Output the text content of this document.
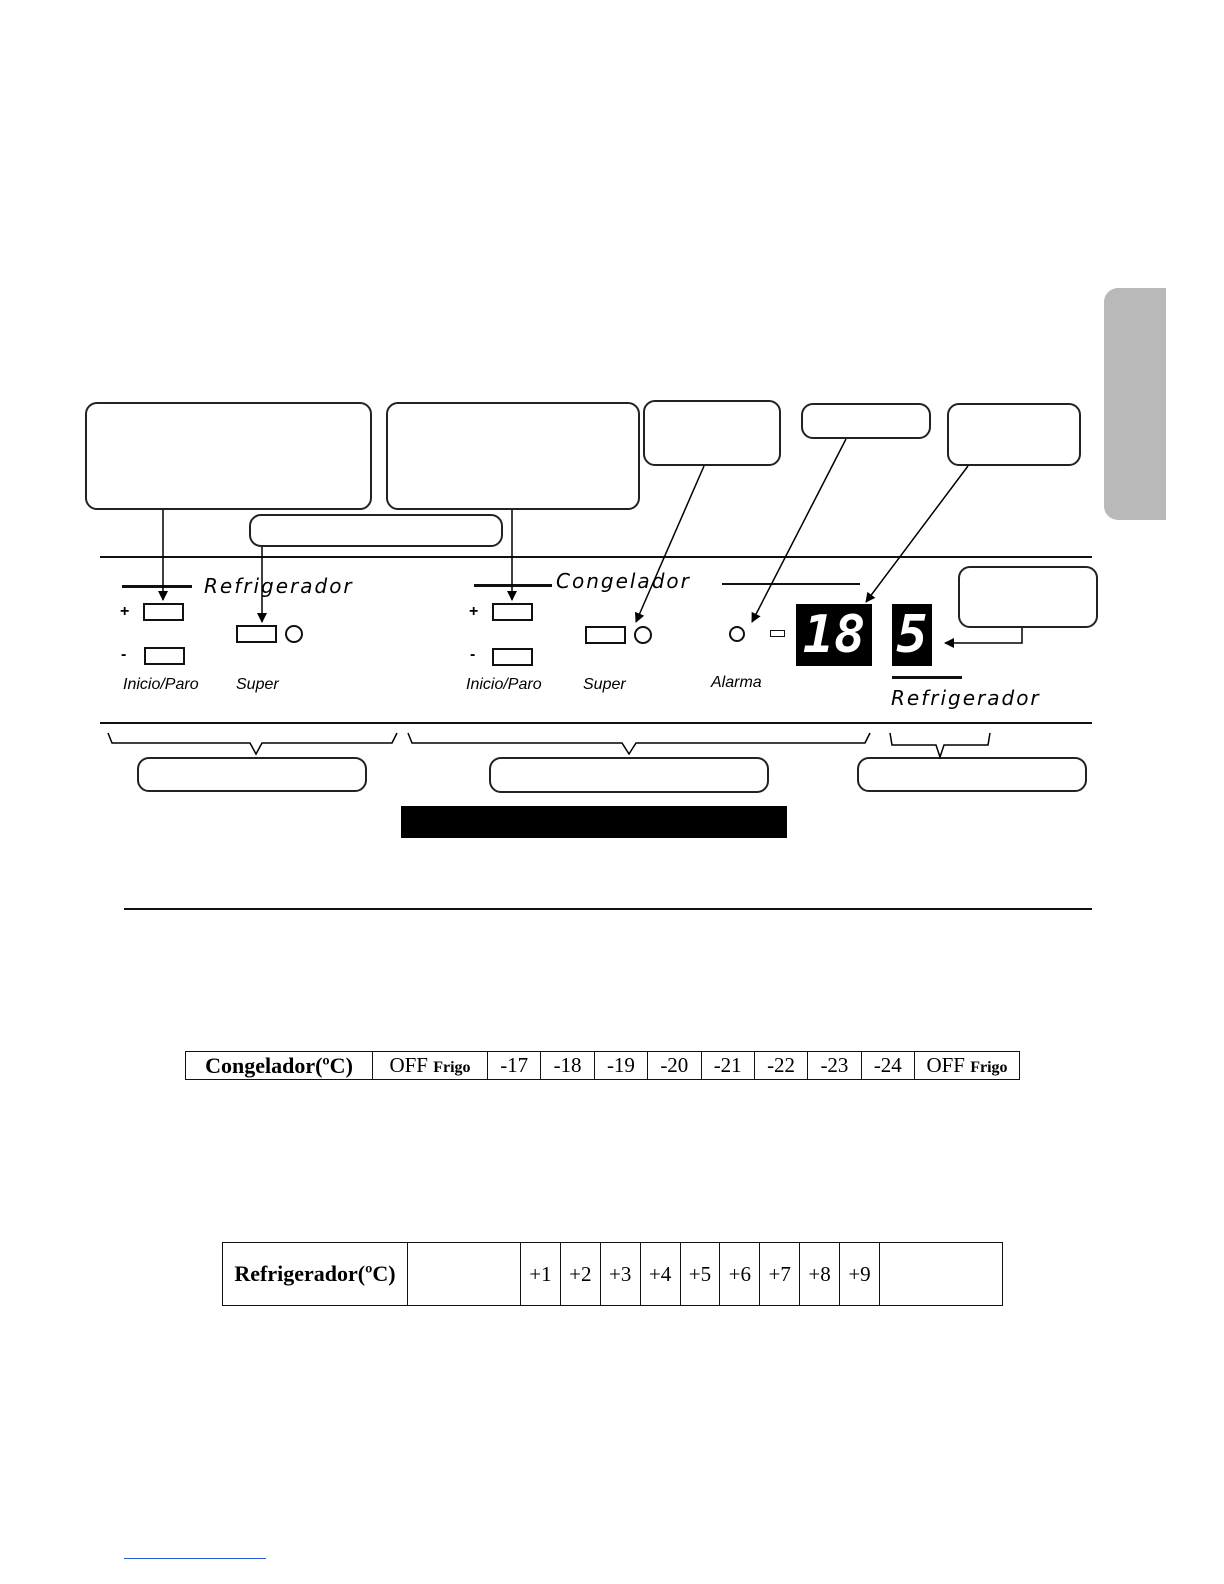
Refrigerador	Congelador
Refrigerador
+
-
Inicio/Paro Super
+
-
Inicio/Paro	Super	Alarma
18 5
Congelador(ºC)	OFF Frigo	-17	-18	-19	-20	-21	-22	-23	-24	OFF Frigo
Refrigerador(ºC)		+1	+2	+3	+4	+5	+6	+7	+8	+9	
